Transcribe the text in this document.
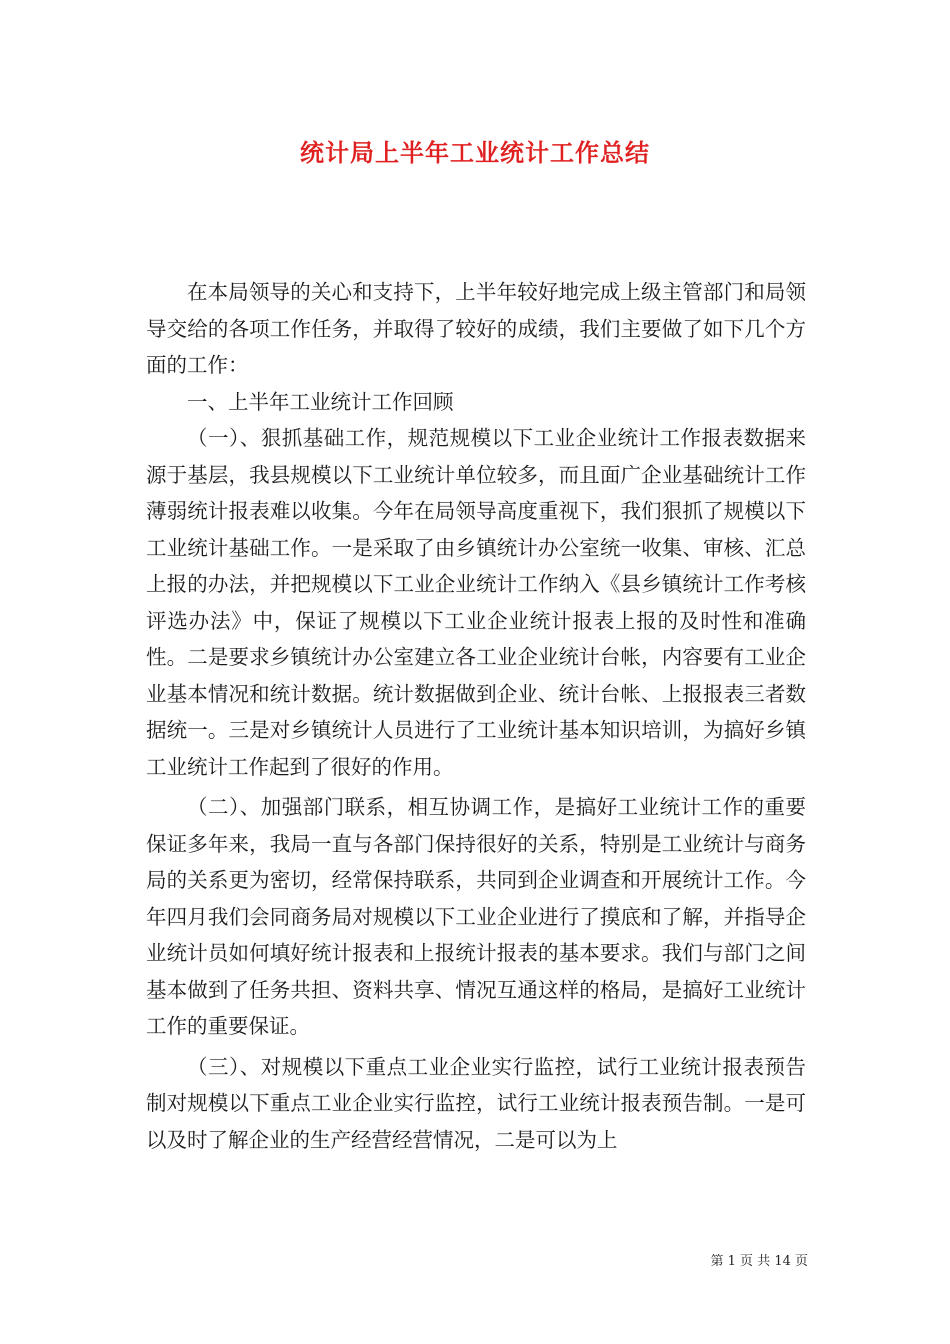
统计局上半年工业统计工作总结

在本局领导的关心和支持下，上半年较好地完成上级主管部门和局领导交给的各项工作任务，并取得了较好的成绩，我们主要做了如下几个方面的工作：

一、上半年工业统计工作回顾

（一）、狠抓基础工作，规范规模以下工业企业统计工作报表数据来源于基层，我县规模以下工业统计单位较多，而且面广企业基础统计工作薄弱统计报表难以收集。今年在局领导高度重视下，我们狠抓了规模以下工业统计基础工作。一是采取了由乡镇统计办公室统一收集、审核、汇总上报的办法，并把规模以下工业企业统计工作纳入《县乡镇统计工作考核评选办法》中，保证了规模以下工业企业统计报表上报的及时性和准确性。二是要求乡镇统计办公室建立各工业企业统计台帐，内容要有工业企业基本情况和统计数据。统计数据做到企业、统计台帐、上报报表三者数据统一。三是对乡镇统计人员进行了工业统计基本知识培训，为搞好乡镇工业统计工作起到了很好的作用。

（二）、加强部门联系，相互协调工作，是搞好工业统计工作的重要保证多年来，我局一直与各部门保持很好的关系，特别是工业统计与商务局的关系更为密切，经常保持联系，共同到企业调查和开展统计工作。今年四月我们会同商务局对规模以下工业企业进行了摸底和了解，并指导企业统计员如何填好统计报表和上报统计报表的基本要求。我们与部门之间基本做到了任务共担、资料共享、情况互通这样的格局，是搞好工业统计工作的重要保证。

（三）、对规模以下重点工业企业实行监控，试行工业统计报表预告制对规模以下重点工业企业实行监控，试行工业统计报表预告制。一是可以及时了解企业的生产经营经营情况，二是可以为上

第 1 页 共 14 页
